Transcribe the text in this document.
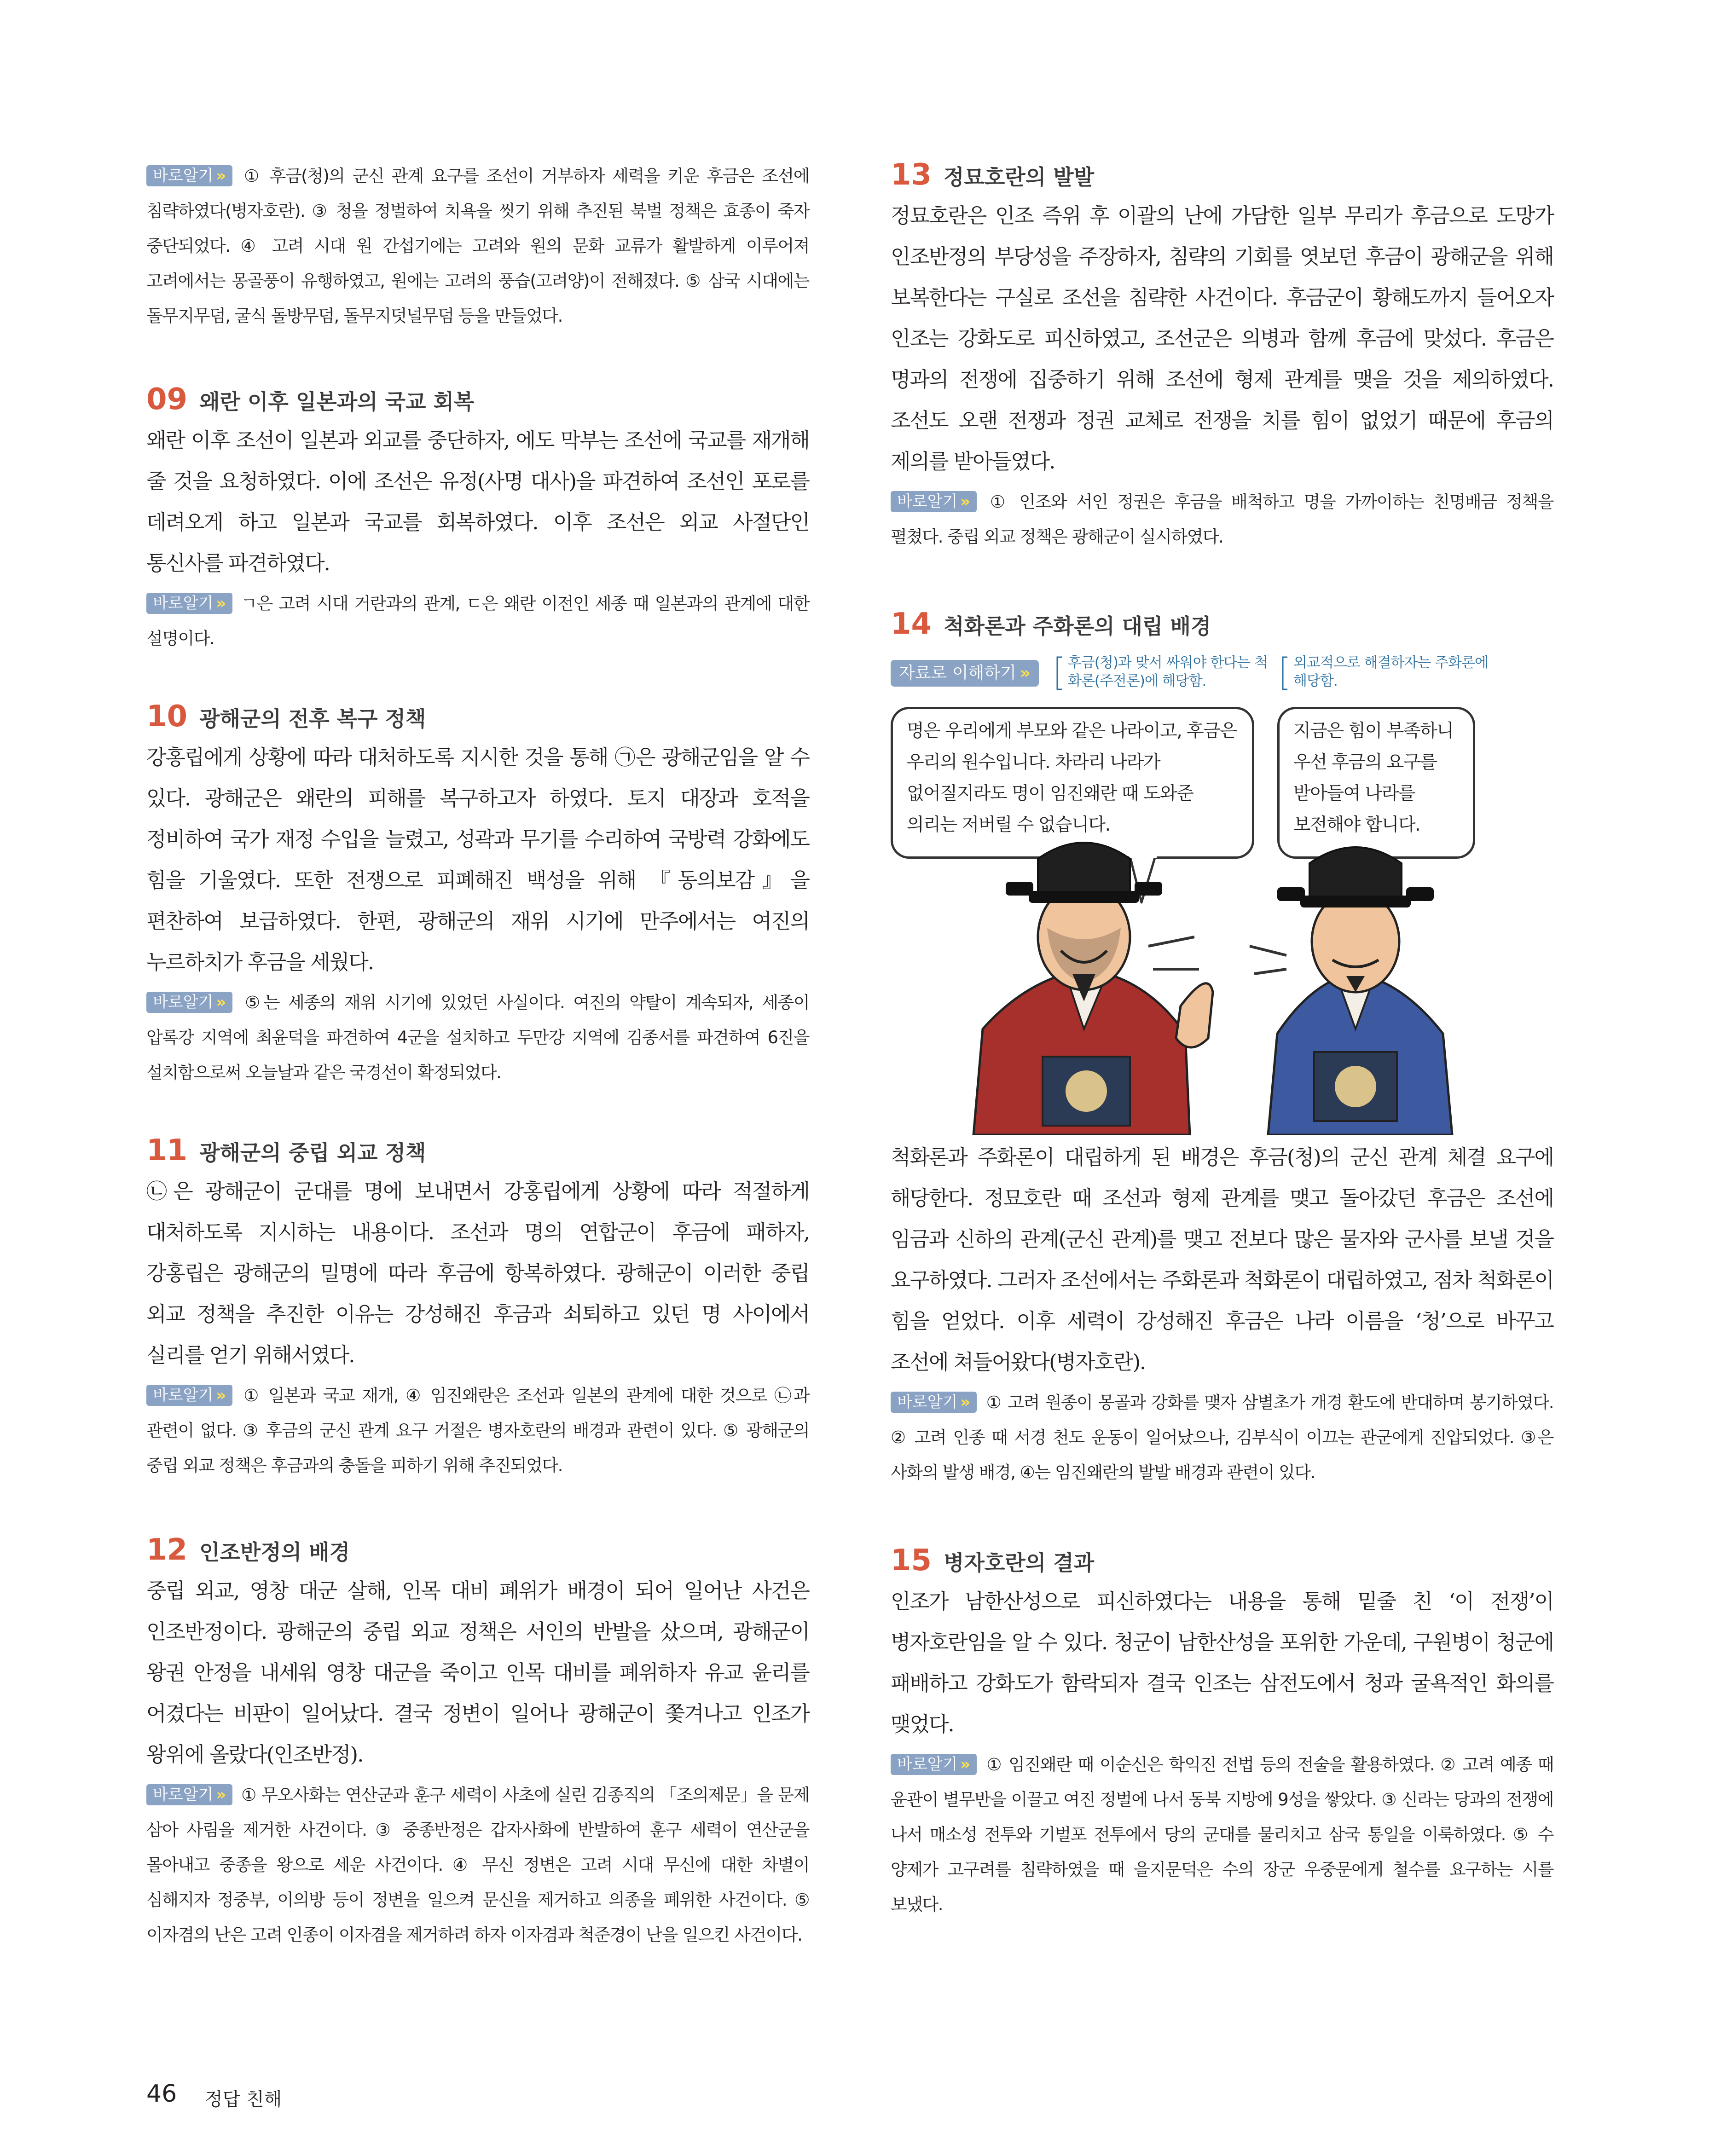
바로알기 » ① 후금(청)의 군신 관계 요구를 조선이 거부하자 세력을 키운 후금은 조선에 침략하였다(병자호란). ③ 청을 정벌하여 치욕을 씻기 위해 추진된 북벌 정책은 효종이 죽자 중단되었다. ④ 고려 시대 원 간섭기에는 고려와 원의 문화 교류가 활발하게 이루어져 고려에서는 몽골풍이 유행하였고, 원에는 고려의 풍습(고려양)이 전해졌다. ⑤ 삼국 시대에는 돌무지무덤, 굴식 돌방무덤, 돌무지덧널무덤 등을 만들었다.
09 왜란 이후 일본과의 국교 회복

왜란 이후 조선이 일본과 외교를 중단하자, 에도 막부는 조선에 국교를 재개해 줄 것을 요청하였다. 이에 조선은 유정(사명 대사)을 파견하여 조선인 포로를 데려오게 하고 일본과 국교를 회복하였다. 이후 조선은 외교 사절단인 통신사를 파견하였다.

바로알기 » ㄱ은 고려 시대 거란과의 관계, ㄷ은 왜란 이전인 세종 때 일본과의 관계에 대한 설명이다.
10 광해군의 전후 복구 정책

강홍립에게 상황에 따라 대처하도록 지시한 것을 통해 ㉠은 광해군임을 알 수 있다. 광해군은 왜란의 피해를 복구하고자 하였다. 토지 대장과 호적을 정비하여 국가 재정 수입을 늘렸고, 성곽과 무기를 수리하여 국방력 강화에도 힘을 기울였다. 또한 전쟁으로 피폐해진 백성을 위해 『동의보감』을 편찬하여 보급하였다. 한편, 광해군의 재위 시기에 만주에서는 여진의 누르하치가 후금을 세웠다.

바로알기 » ⑤는 세종의 재위 시기에 있었던 사실이다. 여진의 약탈이 계속되자, 세종이 압록강 지역에 최윤덕을 파견하여 4군을 설치하고 두만강 지역에 김종서를 파견하여 6진을 설치함으로써 오늘날과 같은 국경선이 확정되었다.
11 광해군의 중립 외교 정책

㉡은 광해군이 군대를 명에 보내면서 강홍립에게 상황에 따라 적절하게 대처하도록 지시하는 내용이다. 조선과 명의 연합군이 후금에 패하자, 강홍립은 광해군의 밀명에 따라 후금에 항복하였다. 광해군이 이러한 중립 외교 정책을 추진한 이유는 강성해진 후금과 쇠퇴하고 있던 명 사이에서 실리를 얻기 위해서였다.

바로알기 » ① 일본과 국교 재개, ④ 임진왜란은 조선과 일본의 관계에 대한 것으로 ㉡과 관련이 없다. ③ 후금의 군신 관계 요구 거절은 병자호란의 배경과 관련이 있다. ⑤ 광해군의 중립 외교 정책은 후금과의 충돌을 피하기 위해 추진되었다.
12 인조반정의 배경

중립 외교, 영창 대군 살해, 인목 대비 폐위가 배경이 되어 일어난 사건은 인조반정이다. 광해군의 중립 외교 정책은 서인의 반발을 샀으며, 광해군이 왕권 안정을 내세워 영창 대군을 죽이고 인목 대비를 폐위하자 유교 윤리를 어겼다는 비판이 일어났다. 결국 정변이 일어나 광해군이 쫓겨나고 인조가 왕위에 올랐다(인조반정).

바로알기 » ① 무오사화는 연산군과 훈구 세력이 사초에 실린 김종직의 「조의제문」을 문제 삼아 사림을 제거한 사건이다. ③ 중종반정은 갑자사화에 반발하여 훈구 세력이 연산군을 몰아내고 중종을 왕으로 세운 사건이다. ④ 무신 정변은 고려 시대 무신에 대한 차별이 심해지자 정중부, 이의방 등이 정변을 일으켜 문신을 제거하고 의종을 폐위한 사건이다. ⑤ 이자겸의 난은 고려 인종이 이자겸을 제거하려 하자 이자겸과 척준경이 난을 일으킨 사건이다.
13 정묘호란의 발발

정묘호란은 인조 즉위 후 이괄의 난에 가담한 일부 무리가 후금으로 도망가 인조반정의 부당성을 주장하자, 침략의 기회를 엿보던 후금이 광해군을 위해 보복한다는 구실로 조선을 침략한 사건이다. 후금군이 황해도까지 들어오자 인조는 강화도로 피신하였고, 조선군은 의병과 함께 후금에 맞섰다. 후금은 명과의 전쟁에 집중하기 위해 조선에 형제 관계를 맺을 것을 제의하였다. 조선도 오랜 전쟁과 정권 교체로 전쟁을 치를 힘이 없었기 때문에 후금의 제의를 받아들였다.

바로알기 » ① 인조와 서인 정권은 후금을 배척하고 명을 가까이하는 친명배금 정책을 펼쳤다. 중립 외교 정책은 광해군이 실시하였다.
14 척화론과 주화론의 대립 배경
자료로 이해하기 »
후금(청)과 맞서 싸워야 한다는 척화론(주전론)에 해당함.
외교적으로 해결하자는 주화론에 해당함.
명은 우리에게 부모와 같은 나라이고, 후금은 우리의 원수입니다. 차라리 나라가 없어질지라도 명이 임진왜란 때 도와준 의리는 저버릴 수 없습니다.
지금은 힘이 부족하니 우선 후금의 요구를 받아들여 나라를 보전해야 합니다.

척화론과 주화론이 대립하게 된 배경은 후금(청)의 군신 관계 체결 요구에 해당한다. 정묘호란 때 조선과 형제 관계를 맺고 돌아갔던 후금은 조선에 임금과 신하의 관계(군신 관계)를 맺고 전보다 많은 물자와 군사를 보낼 것을 요구하였다. 그러자 조선에서는 주화론과 척화론이 대립하였고, 점차 척화론이 힘을 얻었다. 이후 세력이 강성해진 후금은 나라 이름을 ‘청’으로 바꾸고 조선에 쳐들어왔다(병자호란).

바로알기 » ① 고려 원종이 몽골과 강화를 맺자 삼별초가 개경 환도에 반대하며 봉기하였다. ② 고려 인종 때 서경 천도 운동이 일어났으나, 김부식이 이끄는 관군에게 진압되었다. ③은 사화의 발생 배경, ④는 임진왜란의 발발 배경과 관련이 있다.
15 병자호란의 결과

인조가 남한산성으로 피신하였다는 내용을 통해 밑줄 친 ‘이 전쟁’이 병자호란임을 알 수 있다. 청군이 남한산성을 포위한 가운데, 구원병이 청군에 패배하고 강화도가 함락되자 결국 인조는 삼전도에서 청과 굴욕적인 화의를 맺었다.

바로알기 » ① 임진왜란 때 이순신은 학익진 전법 등의 전술을 활용하였다. ② 고려 예종 때 윤관이 별무반을 이끌고 여진 정벌에 나서 동북 지방에 9성을 쌓았다. ③ 신라는 당과의 전쟁에 나서 매소성 전투와 기벌포 전투에서 당의 군대를 물리치고 삼국 통일을 이룩하였다. ⑤ 수 양제가 고구려를 침략하였을 때 을지문덕은 수의 장군 우중문에게 철수를 요구하는 시를 보냈다.
46 정답 친해
